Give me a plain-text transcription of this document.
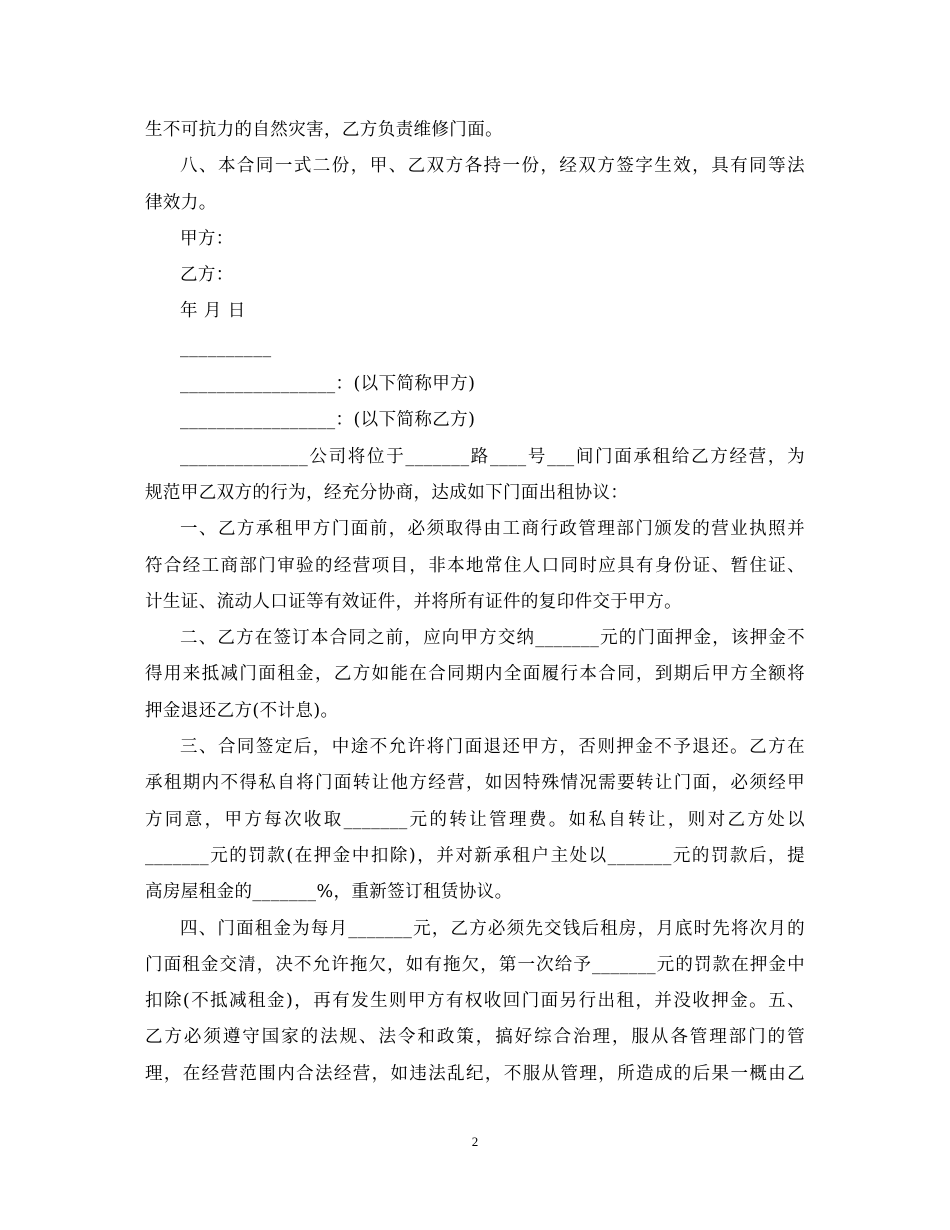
生不可抗力的自然灾害，乙方负责维修门面。
八、本合同一式二份，甲、乙双方各持一份，经双方签字生效，具有同等法
律效力。
甲方：
乙方：
年 月 日
__________
_________________：(以下简称甲方)
_________________：(以下简称乙方)
______________公司将位于_______路____号___间门面承租给乙方经营，为
规范甲乙双方的行为，经充分协商，达成如下门面出租协议：
一、乙方承租甲方门面前，必须取得由工商行政管理部门颁发的营业执照并
符合经工商部门审验的经营项目，非本地常住人口同时应具有身份证、暂住证、
计生证、流动人口证等有效证件，并将所有证件的复印件交于甲方。
二、乙方在签订本合同之前，应向甲方交纳_______元的门面押金，该押金不
得用来抵减门面租金，乙方如能在合同期内全面履行本合同，到期后甲方全额将
押金退还乙方(不计息)。
三、合同签定后，中途不允许将门面退还甲方，否则押金不予退还。乙方在
承租期内不得私自将门面转让他方经营，如因特殊情况需要转让门面，必须经甲
方同意，甲方每次收取_______元的转让管理费。如私自转让，则对乙方处以
_______元的罚款(在押金中扣除)，并对新承租户主处以_______元的罚款后，提
高房屋租金的_______%，重新签订租赁协议。
四、门面租金为每月_______元，乙方必须先交钱后租房，月底时先将次月的
门面租金交清，决不允许拖欠，如有拖欠，第一次给予_______元的罚款在押金中
扣除(不抵减租金)，再有发生则甲方有权收回门面另行出租，并没收押金。五、
乙方必须遵守国家的法规、法令和政策，搞好综合治理，服从各管理部门的管
理，在经营范围内合法经营，如违法乱纪，不服从管理，所造成的后果一概由乙
2
